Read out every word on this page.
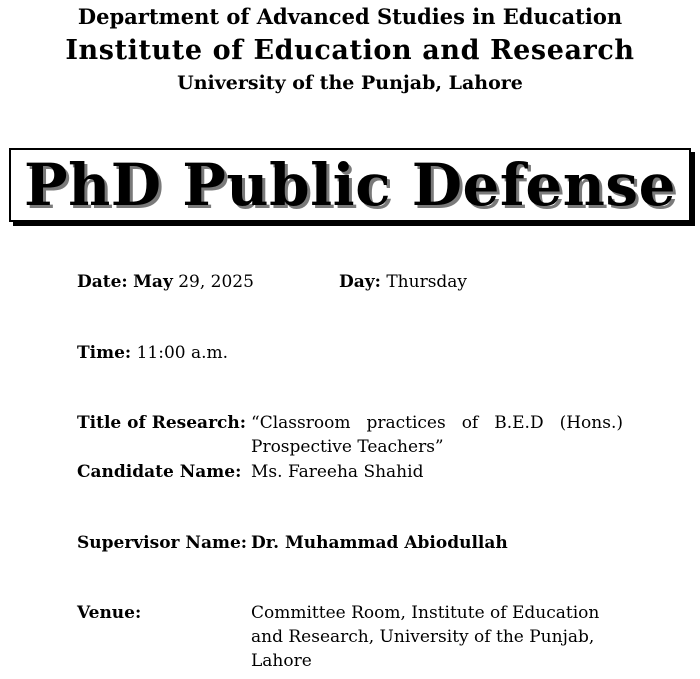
Department of Advanced Studies in Education
Institute of Education and Research
University of the Punjab, Lahore
PhD Public Defense
Date: May 29, 2025	Day: Thursday
Time: 11:00 a.m.
Title of Research: “Classroom practices of B.E.D (Hons.) Prospective Teachers”
Candidate Name: Ms. Fareeha Shahid
Supervisor Name: Dr. Muhammad Abiodullah
Venue:	Committee Room, Institute of Education and Research, University of the Punjab, Lahore
